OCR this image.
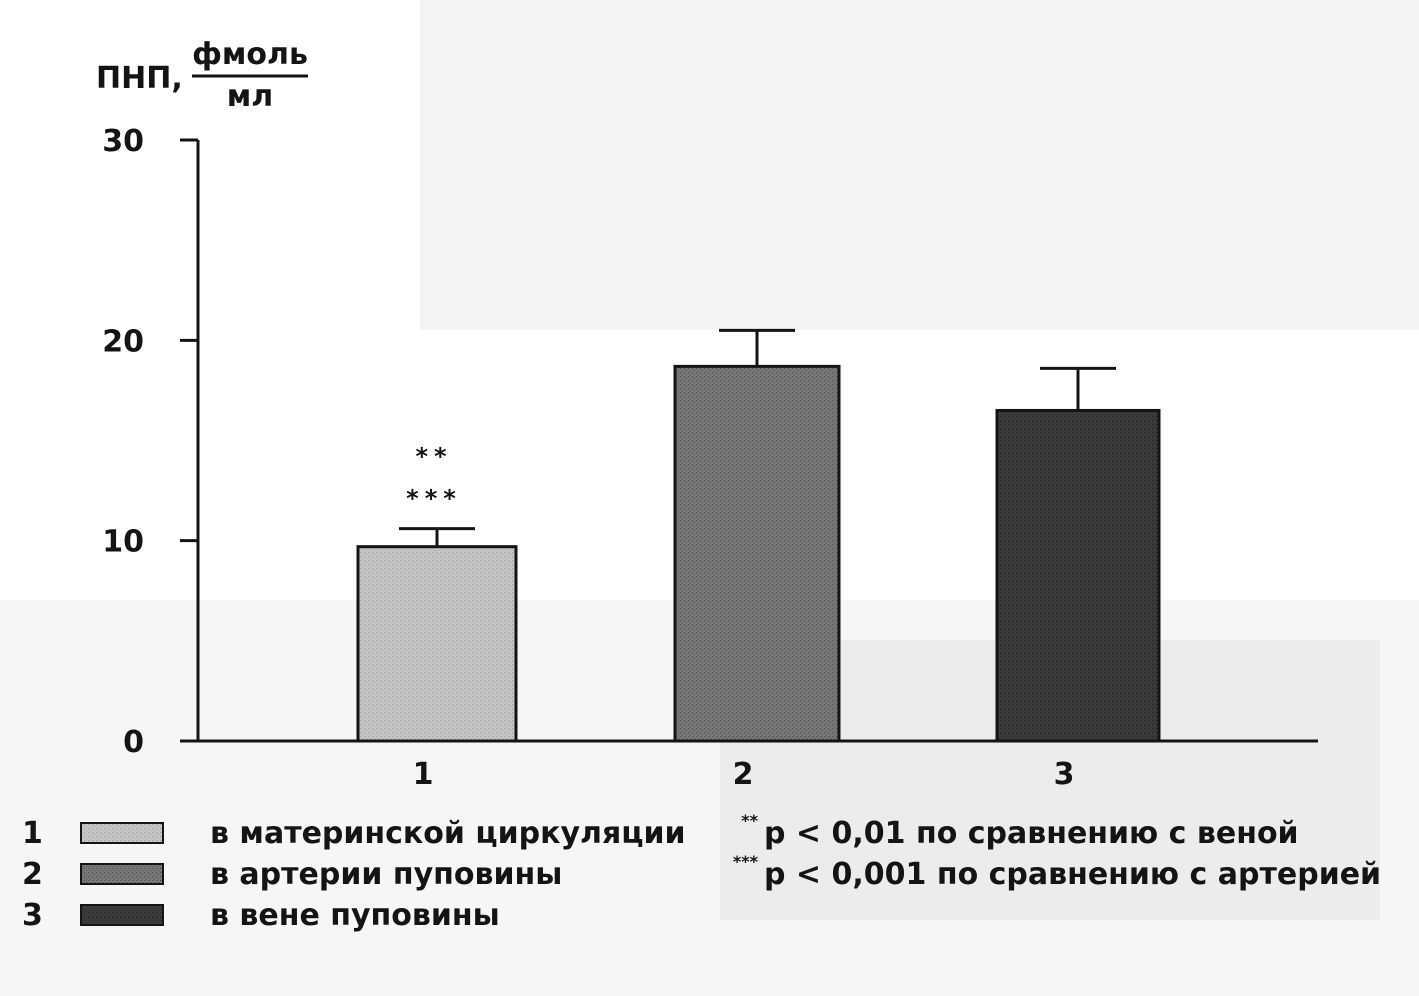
ПНП,
фмоль
мл
0
10
20
30
**
***
1	2	3
1	в материнской циркуляции
2	в артерии пуповины
3	в вене пуповины
** р < 0,01 по сравнению с веной
*** р < 0,001 по сравнению с артерией
